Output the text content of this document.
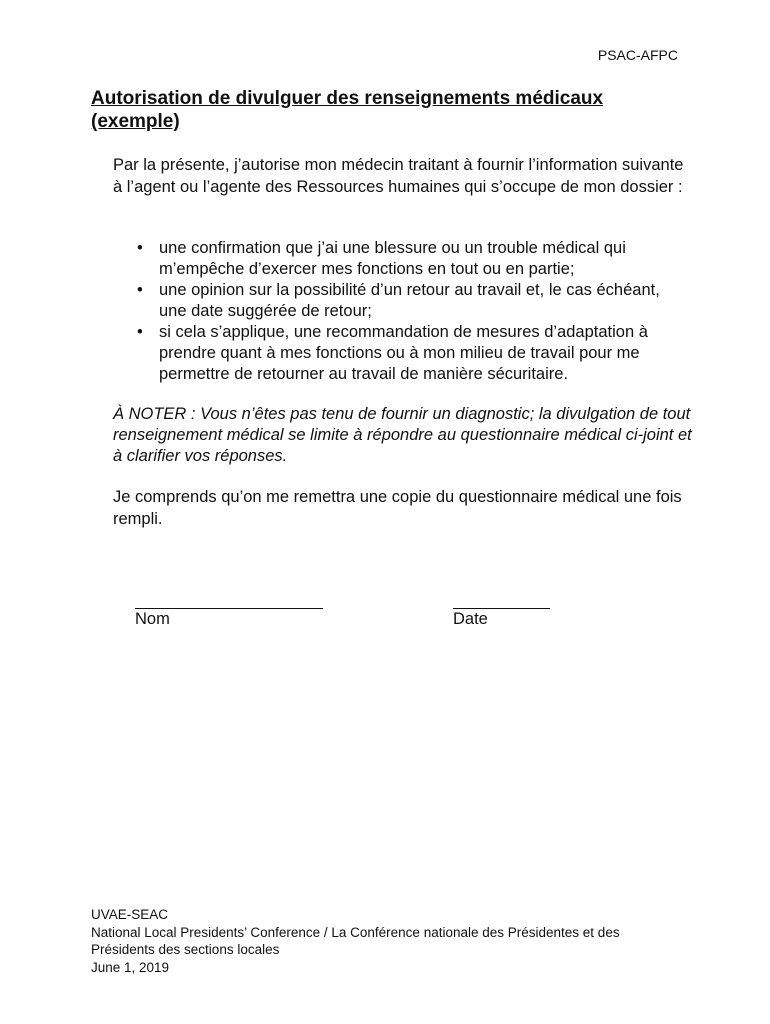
PSAC-AFPC
Autorisation de divulguer des renseignements médicaux (exemple)

Par la présente, j’autorise mon médecin traitant à fournir l’information suivante à l’agent ou l’agente des Ressources humaines qui s’occupe de mon dossier :

• une confirmation que j’ai une blessure ou un trouble médical qui m’empêche d’exercer mes fonctions en tout ou en partie;
• une opinion sur la possibilité d’un retour au travail et, le cas échéant, une date suggérée de retour;
• si cela s’applique, une recommandation de mesures d’adaptation à prendre quant à mes fonctions ou à mon milieu de travail pour me permettre de retourner au travail de manière sécuritaire.

À NOTER : Vous n’êtes pas tenu de fournir un diagnostic; la divulgation de tout renseignement médical se limite à répondre au questionnaire médical ci-joint et à clarifier vos réponses.

Je comprends qu’on me remettra une copie du questionnaire médical une fois rempli.

Nom	Date
UVAE-SEAC
National Local Presidents’ Conference / La Conférence nationale des Présidentes et des Présidents des sections locales
June 1, 2019
